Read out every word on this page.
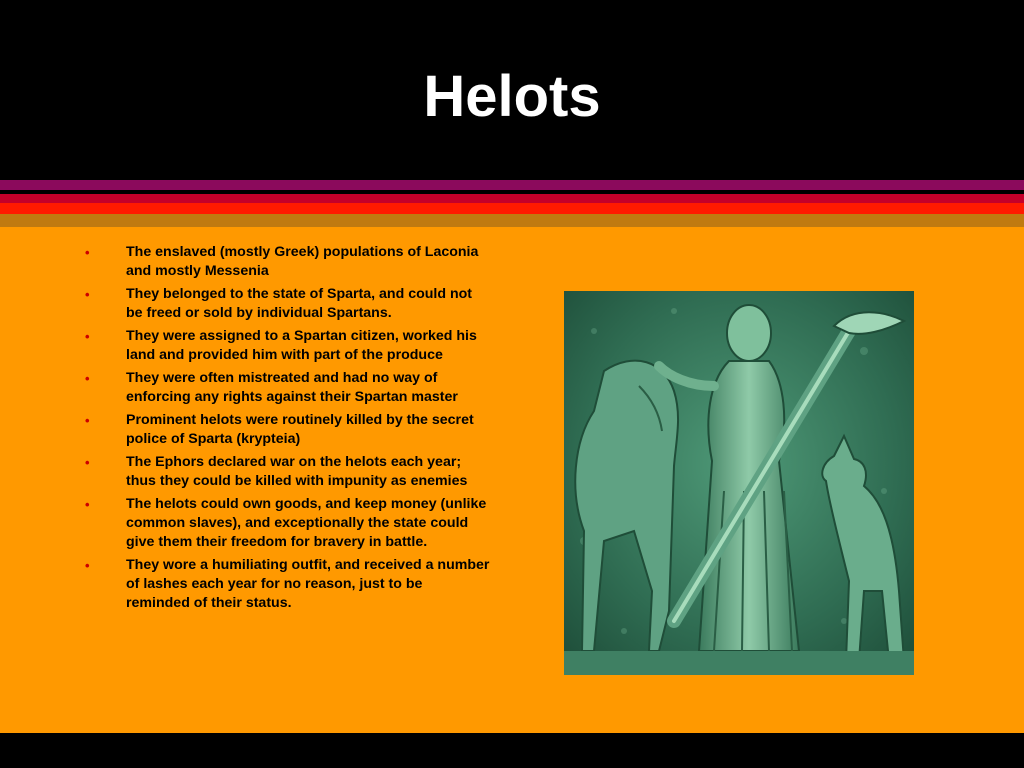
Helots
•	The enslaved (mostly Greek) populations of Laconia and mostly Messenia
•	They belonged to the state of Sparta, and could not be freed or sold by individual Spartans.
•	They were assigned to a Spartan citizen, worked his land and provided him with part of the produce
•	They were often mistreated and had no way of enforcing any rights against their Spartan master
•	Prominent helots were routinely killed by the secret police of Sparta (krypteia)
•	The Ephors declared war on the helots each year; thus they could be killed with impunity as enemies
•	The helots could own goods, and keep money (unlike common slaves), and exceptionally the state could give them their freedom for bravery in battle.
•	They wore a humiliating outfit, and received a number of lashes each year for no reason, just to be reminded of their status.
